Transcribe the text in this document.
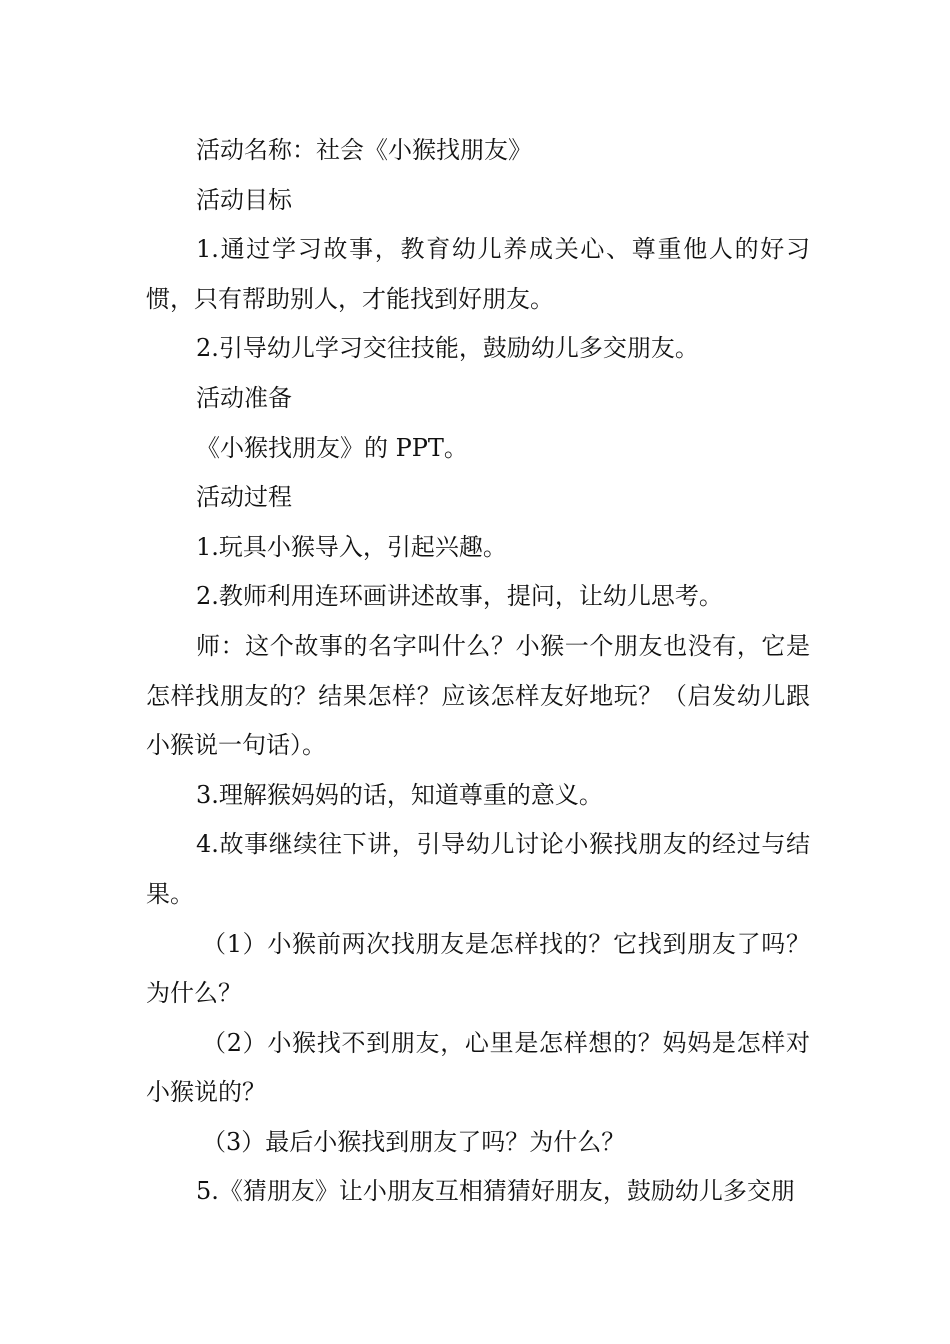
活动名称：社会《小猴找朋友》

活动目标

1.通过学习故事，教育幼儿养成关心、尊重他人的好习惯，只有帮助别人，才能找到好朋友。

2.引导幼儿学习交往技能，鼓励幼儿多交朋友。

活动准备

《小猴找朋友》的 PPT。

活动过程

1.玩具小猴导入，引起兴趣。

2.教师利用连环画讲述故事，提问，让幼儿思考。

师：这个故事的名字叫什么？小猴一个朋友也没有，它是怎样找朋友的？结果怎样？应该怎样友好地玩？（启发幼儿跟小猴说一句话）。

3.理解猴妈妈的话，知道尊重的意义。

4.故事继续往下讲，引导幼儿讨论小猴找朋友的经过与结果。

（1）小猴前两次找朋友是怎样找的？它找到朋友了吗？为什么？

（2）小猴找不到朋友，心里是怎样想的？妈妈是怎样对小猴说的？

（3）最后小猴找到朋友了吗？为什么？

5.《猜朋友》让小朋友互相猜猜好朋友，鼓励幼儿多交朋
